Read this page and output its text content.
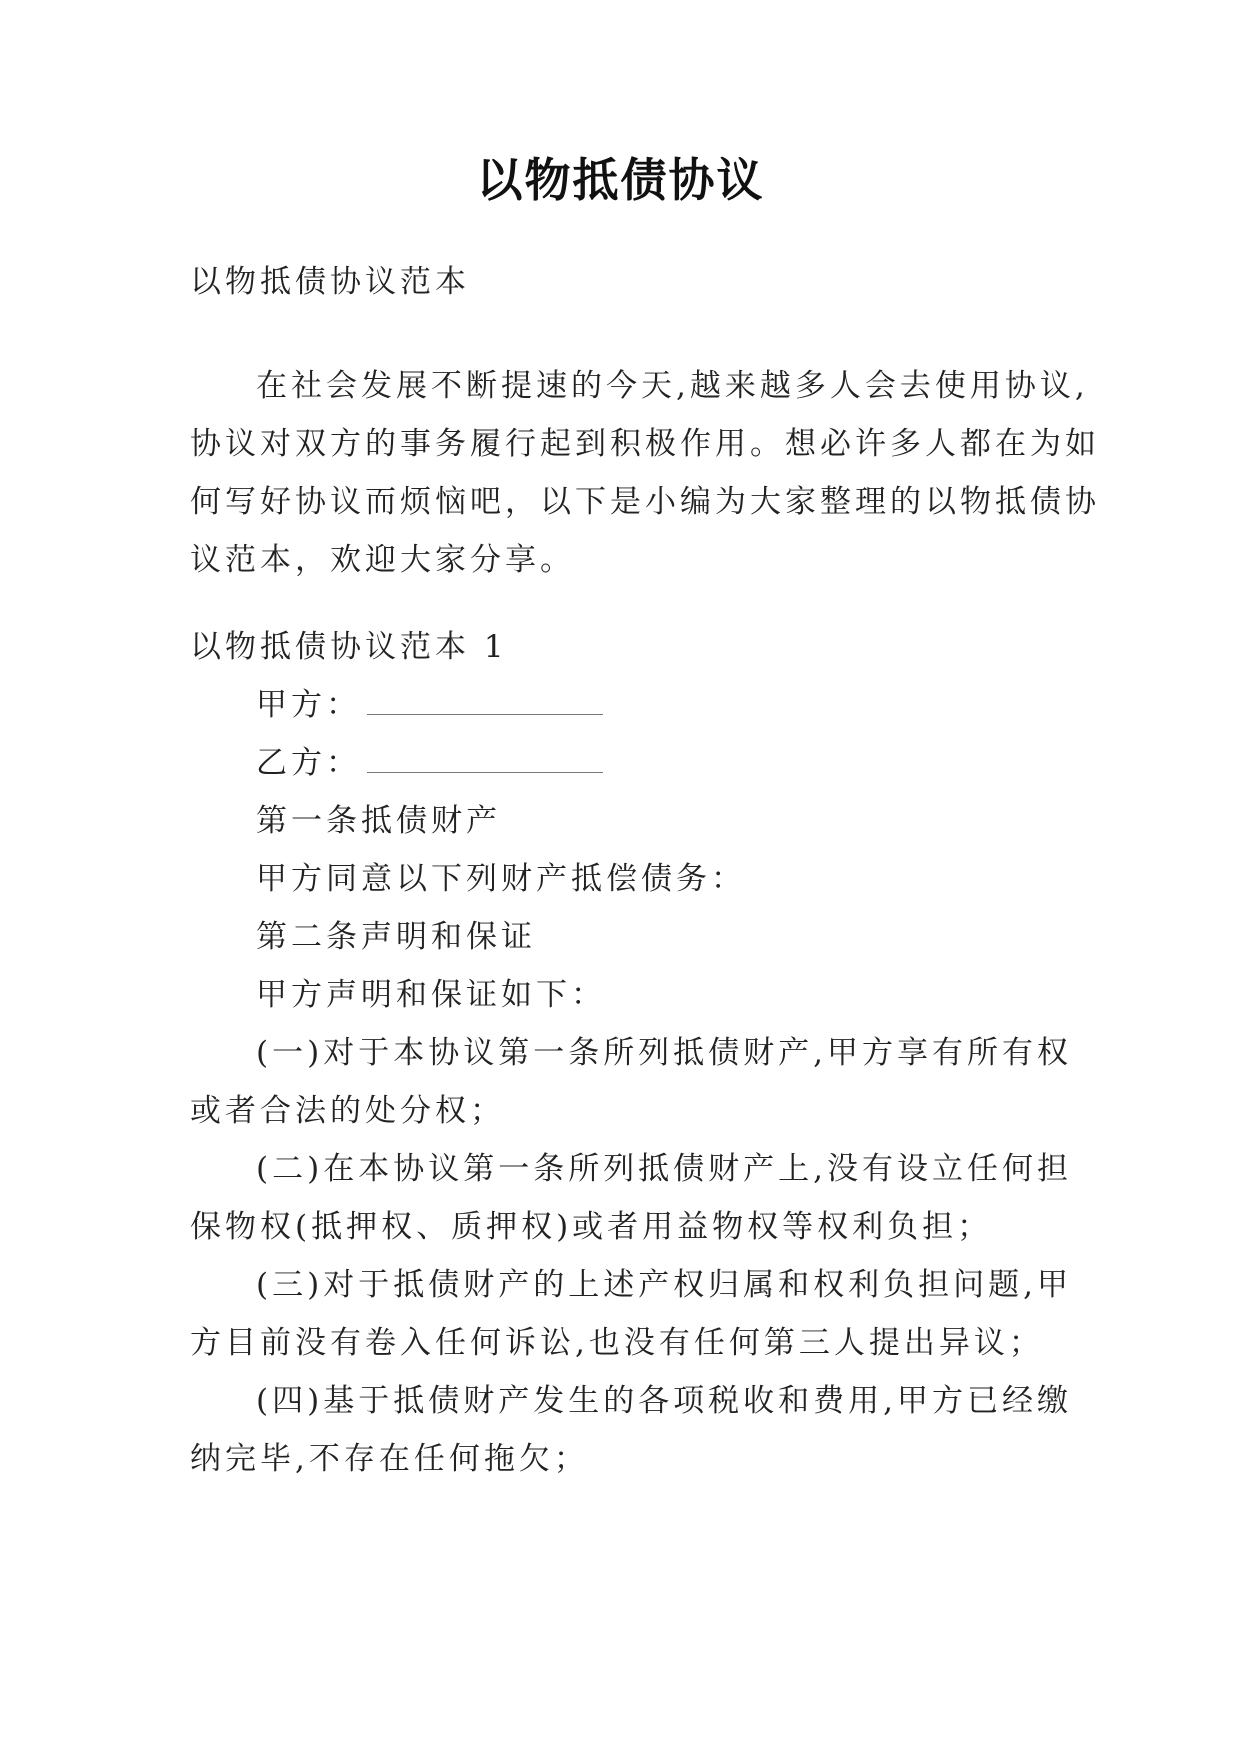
以物抵债协议
以物抵债协议范本
在社会发展不断提速的今天,越来越多人会去使用协议,
协议对双方的事务履行起到积极作用。想必许多人都在为如
何写好协议而烦恼吧，以下是小编为大家整理的以物抵债协
议范本，欢迎大家分享。
以物抵债协议范本 1
甲方：
乙方：
第一条抵债财产
甲方同意以下列财产抵偿债务：
第二条声明和保证
甲方声明和保证如下：
(一)对于本协议第一条所列抵债财产,甲方享有所有权
或者合法的处分权；
(二)在本协议第一条所列抵债财产上,没有设立任何担
保物权(抵押权、质押权)或者用益物权等权利负担；
(三)对于抵债财产的上述产权归属和权利负担问题,甲
方目前没有卷入任何诉讼,也没有任何第三人提出异议；
(四)基于抵债财产发生的各项税收和费用,甲方已经缴
纳完毕,不存在任何拖欠；
